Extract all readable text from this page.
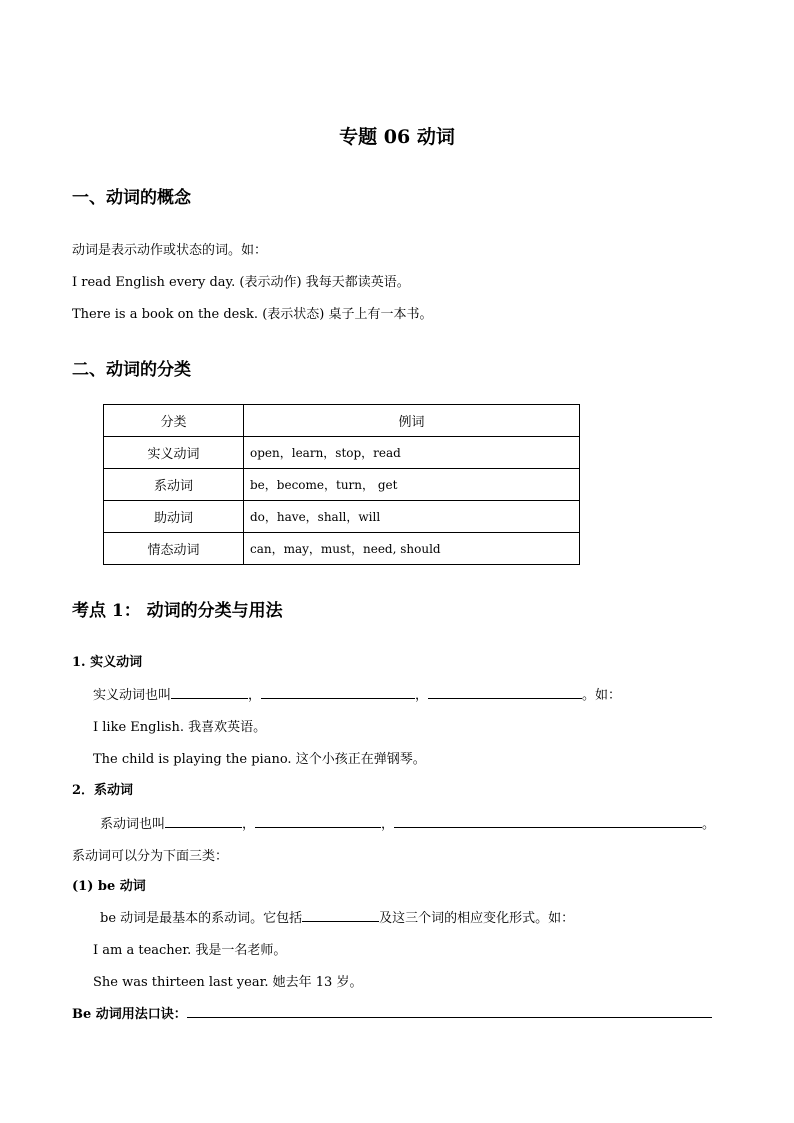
专题 06 动词
一、动词的概念
动词是表示动作或状态的词。如：
I read English every day. (表示动作) 我每天都读英语。
There is a book on the desk. (表示状态) 桌子上有一本书。
二、动词的分类
分类	例词
实义动词	open，learn，stop，read
系动词	be，become，turn， get
助动词	do，have，shall，will
情态动词	can，may，must，need, should
考点 1： 动词的分类与用法
1. 实义动词
实义动词也叫	，	，	。如：
I like English. 我喜欢英语。
The child is playing the piano. 这个小孩正在弹钢琴。
2．系动词
系动词也叫	，	，	。
系动词可以分为下面三类：
(1) be 动词
be 动词是最基本的系动词。它包括	及这三个词的相应变化形式。如：
I am a teacher. 我是一名老师。
She was thirteen last year. 她去年 13 岁。
Be 动词用法口诀：
